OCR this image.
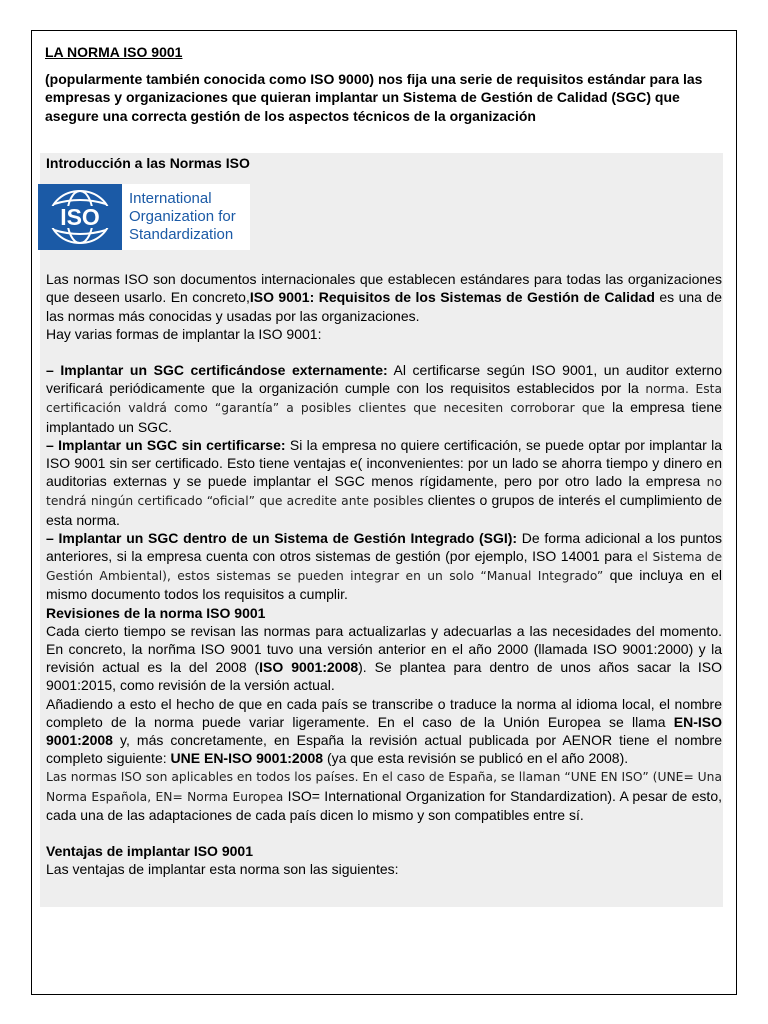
LA NORMA ISO 9001
(popularmente también conocida como ISO 9000) nos fija una serie de requisitos estándar para las empresas y organizaciones que quieran implantar un Sistema de Gestión de Calidad (SGC) que asegure una correcta gestión de los aspectos técnicos de la organización

Introducción a las Normas ISO

ISO
International
Organization for
Standardization

Las normas ISO son documentos internacionales que establecen estándares para todas las organizaciones que deseen usarlo. En concreto,ISO 9001: Requisitos de los Sistemas de Gestión de Calidad es una de las normas más conocidas y usadas por las organizaciones.

Hay varias formas de implantar la ISO 9001:

– Implantar un SGC certificándose externamente: Al certificarse según ISO 9001, un auditor externo verificará periódicamente que la organización cumple con los requisitos establecidos por la norma. Esta certificación valdrá como “garantía” a posibles clientes que necesiten corroborar que la empresa tiene implantado un SGC.

– Implantar un SGC sin certificarse: Si la empresa no quiere certificación, se puede optar por implantar la ISO 9001 sin ser certificado. Esto tiene ventajas e( inconvenientes: por un lado se ahorra tiempo y dinero en auditorias externas y se puede implantar el SGC menos rígidamente, pero por otro lado la empresa no tendrá ningún certificado “oficial” que acredite ante posibles clientes o grupos de interés el cumplimiento de esta norma.

– Implantar un SGC dentro de un Sistema de Gestión Integrado (SGI): De forma adicional a los puntos anteriores, si la empresa cuenta con otros sistemas de gestión (por ejemplo, ISO 14001 para el Sistema de Gestión Ambiental), estos sistemas se pueden integrar en un solo “Manual Integrado” que incluya en el mismo documento todos los requisitos a cumplir.

Revisiones de la norma ISO 9001

Cada cierto tiempo se revisan las normas para actualizarlas y adecuarlas a las necesidades del momento. En concreto, la norñma ISO 9001 tuvo una versión anterior en el año 2000 (llamada ISO 9001:2000) y la revisión actual es la del 2008 (ISO 9001:2008). Se plantea para dentro de unos años sacar la ISO 9001:2015, como revisión de la versión actual.

Añadiendo a esto el hecho de que en cada país se transcribe o traduce la norma al idioma local, el nombre completo de la norma puede variar ligeramente. En el caso de la Unión Europea se llama EN-ISO 9001:2008 y, más concretamente, en España la revisión actual publicada por AENOR tiene el nombre completo siguiente: UNE EN-ISO 9001:2008 (ya que esta revisión se publicó en el año 2008).

Las normas ISO son aplicables en todos los países. En el caso de España, se llaman “UNE EN ISO” (UNE= Una Norma Española, EN= Norma Europea ISO= International Organization for Standardization). A pesar de esto, cada una de las adaptaciones de cada país dicen lo mismo y son compatibles entre sí.

Ventajas de implantar ISO 9001

Las ventajas de implantar esta norma son las siguientes:
